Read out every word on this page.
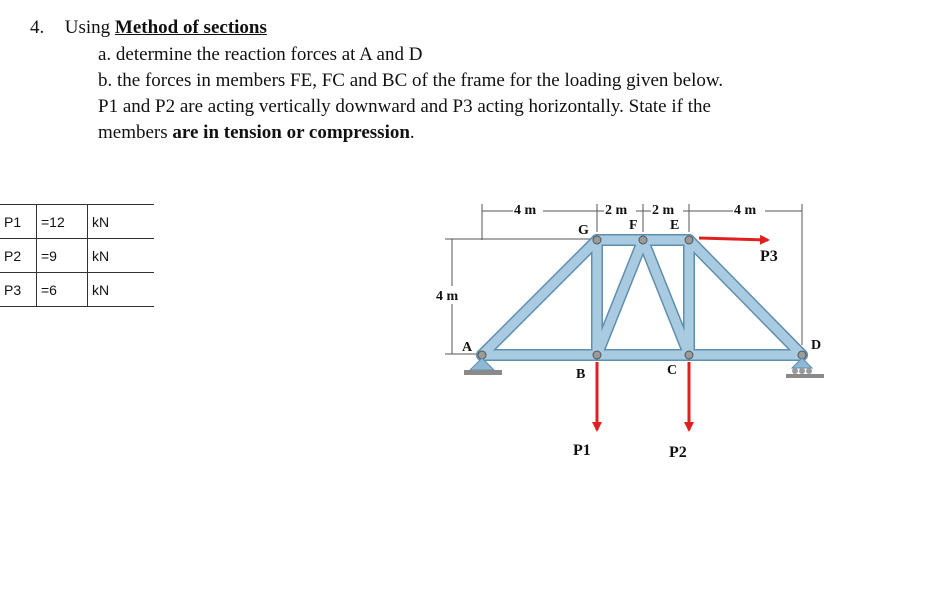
4. Using Method of sections
a. determine the reaction forces at A and D
b. the forces in members FE, FC and BC of the frame for the loading given below.
P1 and P2 are acting vertically downward and P3 acting horizontally. State if the
members are in tension or compression.
P1	=12	kN
P2	=9	kN
P3	=6	kN
4 m	2 m 2 m	4 m
4 m
G	F E
A
B	C
D
P1	P2
P3
